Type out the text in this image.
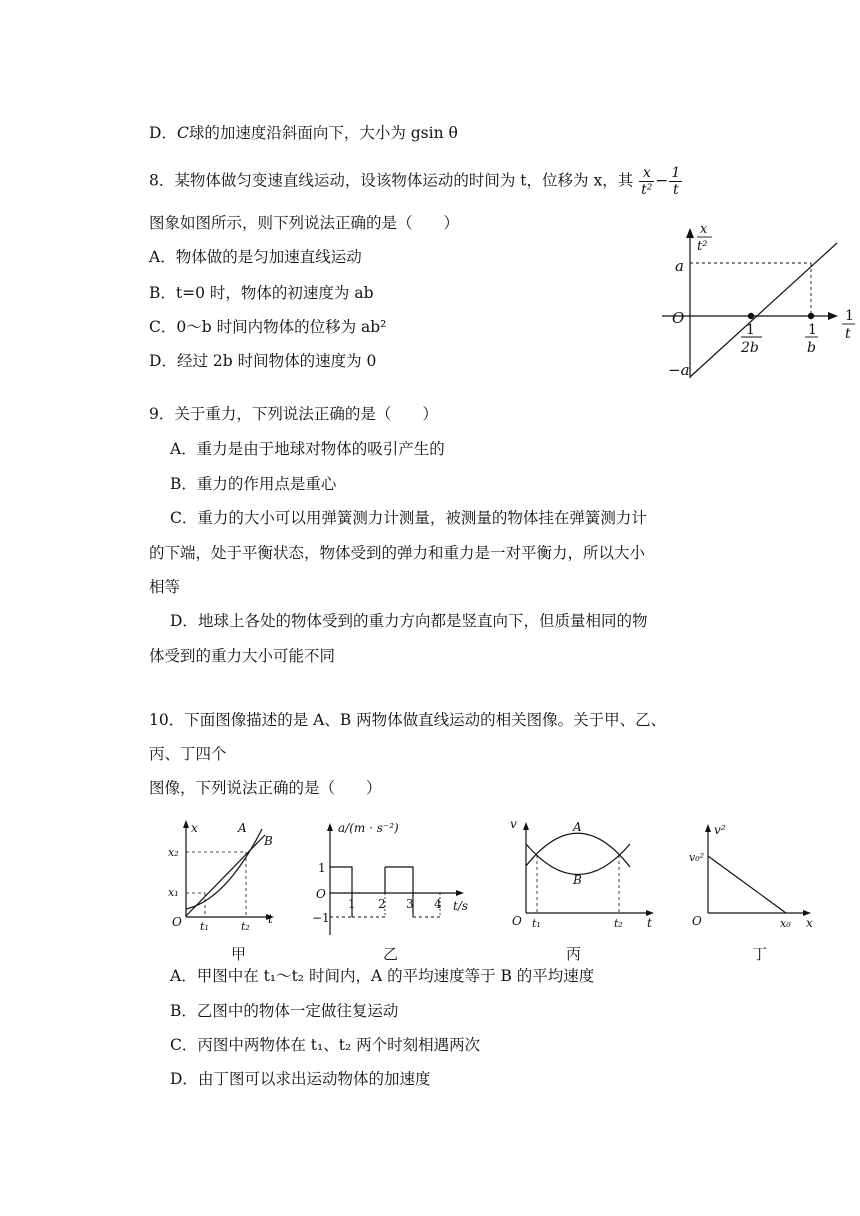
D．C球的加速度沿斜面向下，大小为 gsin θ
8．某物体做匀变速直线运动，设该物体运动的时间为 t，位移为 x，其 $\frac{x}{\text{t²}} - \frac{1}{t}$
图象如图所示，则下列说法正确的是（　　）
A．物体做的是匀加速直线运动
B．t=0 时，物体的初速度为 ab
C．0～b 时间内物体的位移为 ab²
D．经过 2b 时间物体的速度为 0
x
t²
a
−a
O
1
2b
1
b
1
t
9．关于重力，下列说法正确的是（　　）
A．重力是由于地球对物体的吸引产生的
B．重力的作用点是重心
C．重力的大小可以用弹簧测力计测量，被测量的物体挂在弹簧测力计
的下端，处于平衡状态，物体受到的弹力和重力是一对平衡力，所以大小
相等
D．地球上各处的物体受到的重力方向都是竖直向下，但质量相同的物
体受到的重力大小可能不同
10．下面图像描述的是 A、B 两物体做直线运动的相关图像。关于甲、乙、
丙、丁四个
图像，下列说法正确的是（　　）
x
t
O
x₁
x₂
t₁	t₂
A
B
a/(m · s⁻²)
t/s
O
1
−1
1 2 3 4
v
t
O t₁	t₂
A
B
v²
x
O
v₀²
x₀
甲	乙	丙	丁
A．甲图中在 t₁～t₂ 时间内，A 的平均速度等于 B 的平均速度
B．乙图中的物体一定做往复运动
C．丙图中两物体在 t₁、t₂ 两个时刻相遇两次
D．由丁图可以求出运动物体的加速度
